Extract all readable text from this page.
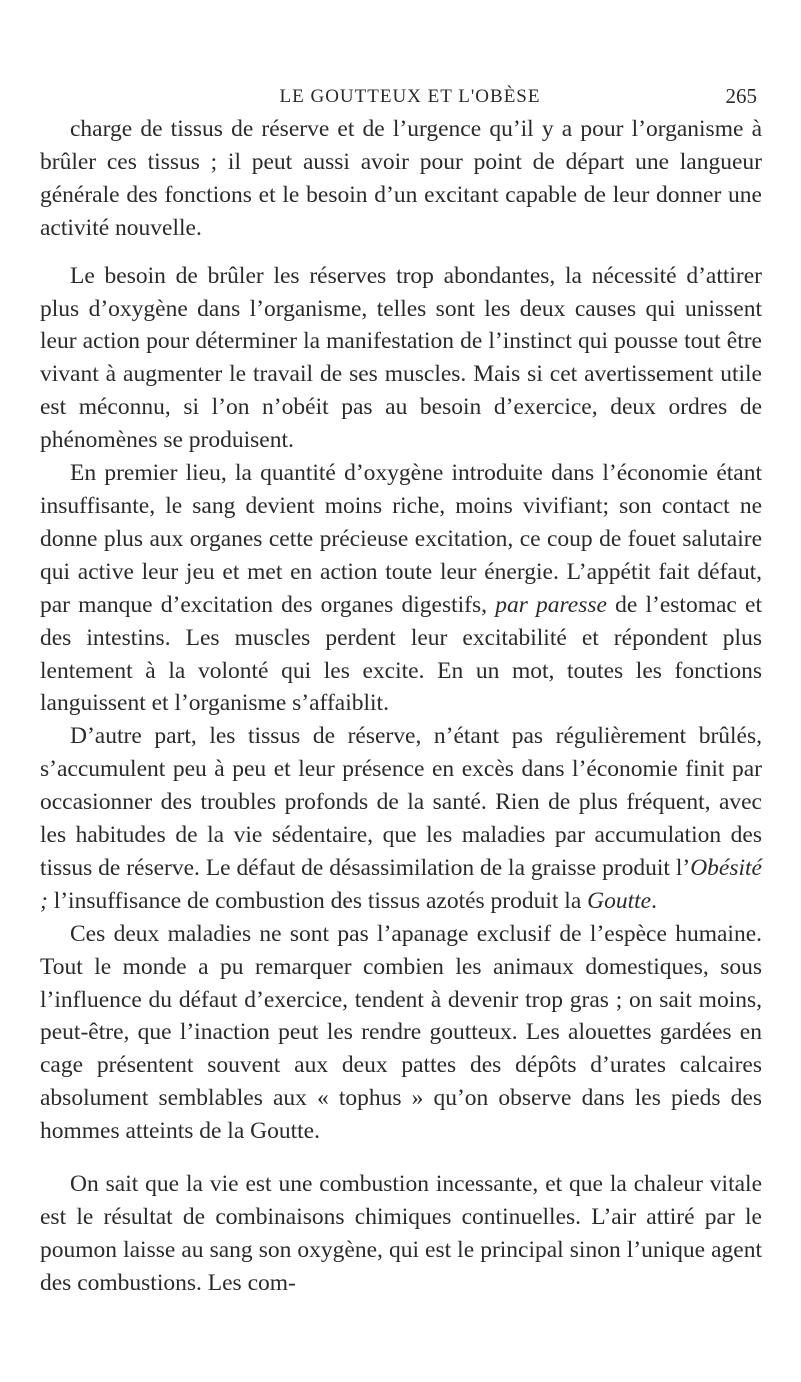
LE GOUTTEUX ET L'OBÈSE	265

charge de tissus de réserve et de l’urgence qu’il y a pour l’organisme à brûler ces tissus ; il peut aussi avoir pour point de départ une langueur générale des fonctions et le besoin d’un excitant capable de leur donner une activité nouvelle.

Le besoin de brûler les réserves trop abondantes, la nécessité d’attirer plus d’oxygène dans l’organisme, telles sont les deux causes qui unissent leur action pour déterminer la manifestation de l’instinct qui pousse tout être vivant à augmenter le travail de ses muscles. Mais si cet avertissement utile est méconnu, si l’on n’obéit pas au besoin d’exercice, deux ordres de phénomènes se produisent.

En premier lieu, la quantité d’oxygène introduite dans l’économie étant insuffisante, le sang devient moins riche, moins vivifiant; son contact ne donne plus aux organes cette précieuse excitation, ce coup de fouet salutaire qui active leur jeu et met en action toute leur énergie. L’appétit fait défaut, par manque d’excitation des organes digestifs, par paresse de l’estomac et des intestins. Les muscles perdent leur excitabilité et répondent plus lentement à la volonté qui les excite. En un mot, toutes les fonctions languissent et l’organisme s’affaiblit.

D’autre part, les tissus de réserve, n’étant pas régulièrement brûlés, s’accumulent peu à peu et leur présence en excès dans l’économie finit par occasionner des troubles profonds de la santé. Rien de plus fréquent, avec les habitudes de la vie sédentaire, que les maladies par accumulation des tissus de réserve. Le défaut de désassimilation de la graisse produit l’Obésité ; l’insuffisance de combustion des tissus azotés produit la Goutte.

Ces deux maladies ne sont pas l’apanage exclusif de l’espèce humaine. Tout le monde a pu remarquer combien les animaux domestiques, sous l’influence du défaut d’exercice, tendent à devenir trop gras ; on sait moins, peut-être, que l’inaction peut les rendre goutteux. Les alouettes gardées en cage présentent souvent aux deux pattes des dépôts d’urates calcaires absolument semblables aux « tophus » qu’on observe dans les pieds des hommes atteints de la Goutte.

On sait que la vie est une combustion incessante, et que la chaleur vitale est le résultat de combinaisons chimiques continuelles. L’air attiré par le poumon laisse au sang son oxygène, qui est le principal sinon l’unique agent des combustions. Les com-
